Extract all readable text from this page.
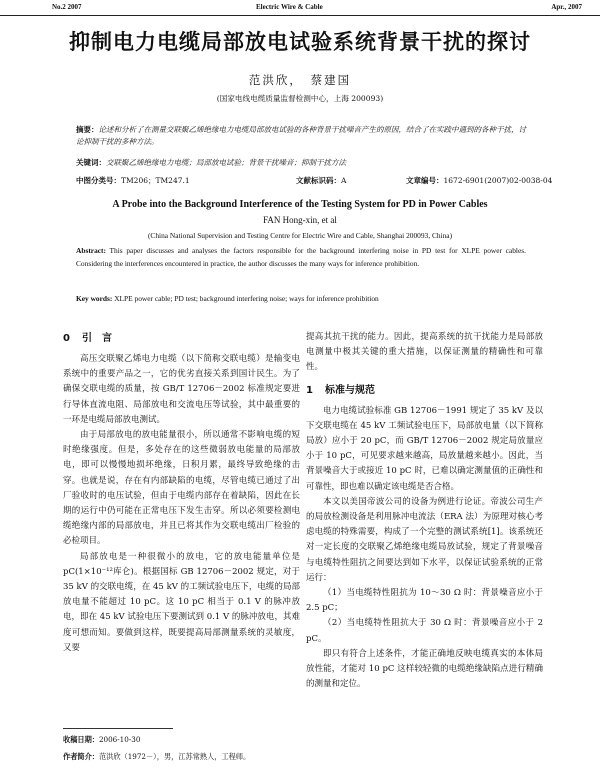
No.2 2007	Electric Wire & Cable	Apr., 2007
抑制电力电缆局部放电试验系统背景干扰的探讨
范洪欣，　蔡建国
(国家电线电缆质量监督检测中心，上海 200093)
摘要：论述和分析了在测量交联聚乙烯绝缘电力电缆局部放电试验的各种背景干扰噪音产生的原因，结合了在实践中遇到的各种干扰，讨论抑制干扰的多种方法。
关键词：交联聚乙烯绝缘电力电缆；局部放电试验；背景干扰噪音；抑制干扰方法
中图分类号：TM206；TM247.1	文献标识码：A	文章编号：1672-6901(2007)02-0038-04
A Probe into the Background Interference of the Testing System for PD in Power Cables
FAN Hong-xin, et al
(China National Supervision and Testing Centre for Electric Wire and Cable, Shanghai 200093, China)
Abstract: This paper discusses and analyses the factors responsible for the background interfering noise in PD test for XLPE power cables. Considering the interferences encountered in practice, the author discusses the many ways for inference prohibition.
Key words: XLPE power cable; PD test; background interfering noise; ways for inference prohibition
0 引　言

高压交联聚乙烯电力电缆（以下简称交联电缆）是输变电系统中的重要产品之一，它的优劣直接关系到国计民生。为了确保交联电缆的质量，按 GB/T 12706－2002 标准规定要进行导体直流电阻、局部放电和交流电压等试验，其中最重要的一环是电缆局部放电测试。

由于局部放电的放电能量很小，所以通常不影响电缆的短时绝缘强度。但是，多处存在的这些微弱放电能量的局部放电，即可以慢慢地损坏绝缘，日积月累，最终导致绝缘的击穿。也就是说，存在有内部缺陷的电缆，尽管电缆已通过了出厂验收时的电压试验，但由于电缆内部存在着缺陷，因此在长期的运行中仍可能在正常电压下发生击穿。所以必须要检测电缆绝缘内部的局部放电，并且已将其作为交联电缆出厂检验的必检项目。

局部放电是一种很微小的放电，它的放电能量单位是 pC(1×10⁻¹²库仑)。根据国标 GB 12706－2002 规定，对于 35 kV 的交联电缆，在 45 kV 的工频试验电压下，电缆的局部放电量不能超过 10 pC。这 10 pC 相当于 0.1 V 的脉冲放电，即在 45 kV 试验电压下要测试到 0.1 V 的脉冲放电，其难度可想而知。要做到这样，既要提高局部测量系统的灵敏度，又要

提高其抗干扰的能力。因此，提高系统的抗干扰能力是局部放电测量中极其关键的重大措施，以保证测量的精确性和可靠性。

1 标准与规范

电力电缆试验标准 GB 12706－1991 规定了 35 kV 及以下交联电缆在 45 kV 工频试验电压下，局部放电量（以下简称局放）应小于 20 pC，而 GB/T 12706－2002 规定局放量应小于 10 pC，可见要求越来越高，局放量越来越小。因此，当背景噪音大于或接近 10 pC 时，已难以确定测量值的正确性和可靠性，即也难以确定该电缆是否合格。

本文以美国帝波公司的设备为例进行论证。帝波公司生产的局放检测设备是利用脉冲电流法（ERA 法）为原理对核心考虑电缆的特殊需要，构成了一个完整的测试系统[1]。该系统还对一定长度的交联聚乙烯绝缘电缆局放试验，规定了背景噪音与电缆特性阻抗之间要达到如下水平，以保证试验系统的正常运行：

（1）当电缆特性阻抗为 10～30 Ω 时：背景噪音应小于 2.5 pC；

（2）当电缆特性阻抗大于 30 Ω 时：背景噪音应小于 2 pC。

即只有符合上述条件，才能正确地反映电缆真实的本体局放性能，才能对 10 pC 这样较轻微的电缆绝缘缺陷点进行精确的测量和定位。

收稿日期：2006-10-30
作者简介：范洪欣（1972－），男，江苏常熟人，工程师。
